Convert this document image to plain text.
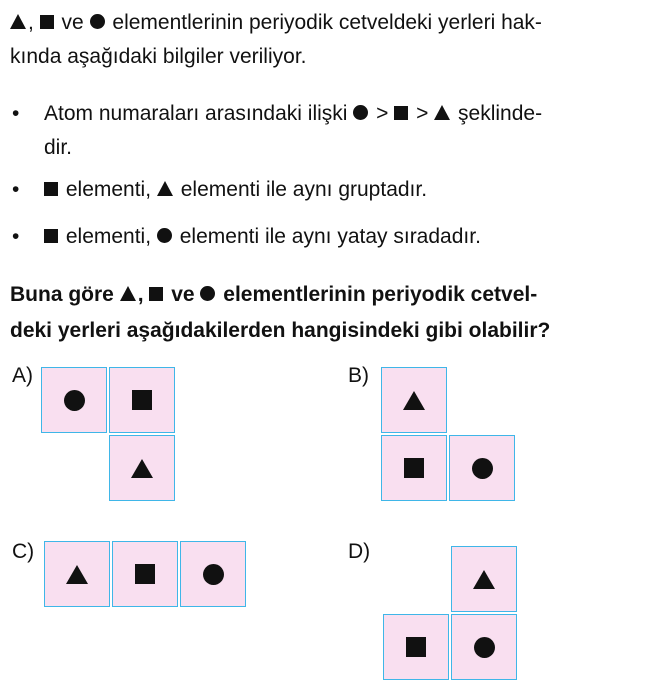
,  ve elementlerinin periyodik cetveldeki yerleri hak-
kında aşağıdaki bilgiler veriliyor.
• Atom numaraları arasındaki ilişki > > şeklinde-
dir.
•	elementi, elementi ile aynı gruptadır.
•	elementi, elementi ile aynı yatay sıradadır.
Buna göre , ve elementlerinin periyodik cetvel-
deki yerleri aşağıdakilerden hangisindeki gibi olabilir?
A)	B)
C)	D)
